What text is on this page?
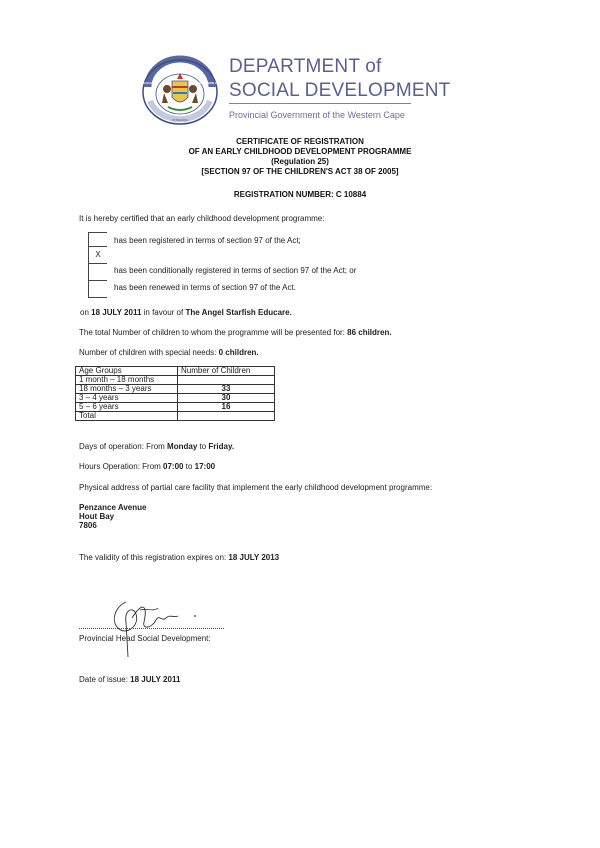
WES-KAAP
WESTERN CAPE
KOLONI
INTSHONA
DEPARTMENT of
SOCIAL DEVELOPMENT
Provincial Government of the Western Cape
CERTIFICATE OF REGISTRATION
OF AN EARLY CHILDHOOD DEVELOPMENT PROGRAMME
(Regulation 25)
[SECTION 97 OF THE CHILDREN'S ACT 38 OF 2005]
REGISTRATION NUMBER: C 10884
It is hereby certified that an early childhood development programme:
X
has been registered in terms of section 97 of the Act;
has been conditionally registered in terms of section 97 of the Act; or
has been renewed in terms of section 97 of the Act.
on 18 JULY 2011 in favour of The Angel Starfish Educare.
The total Number of children to whom the programme will be presented for: 86 children.
Number of children with special needs: 0 children.
Age Groups	Number of Children
1 month – 18 months	
18 months – 3 years	33
3 – 4 years	30
5 – 6 years	16
Total	
Days of operation: From Monday to Friday.
Hours Operation: From 07:00 to 17:00
Physical address of partial care facility that implement the early childhood development programme:
Penzance Avenue
Hout Bay
7806
The validity of this registration expires on: 18 JULY 2013
Provincial Head Social Development:
Date of issue: 18 JULY 2011
